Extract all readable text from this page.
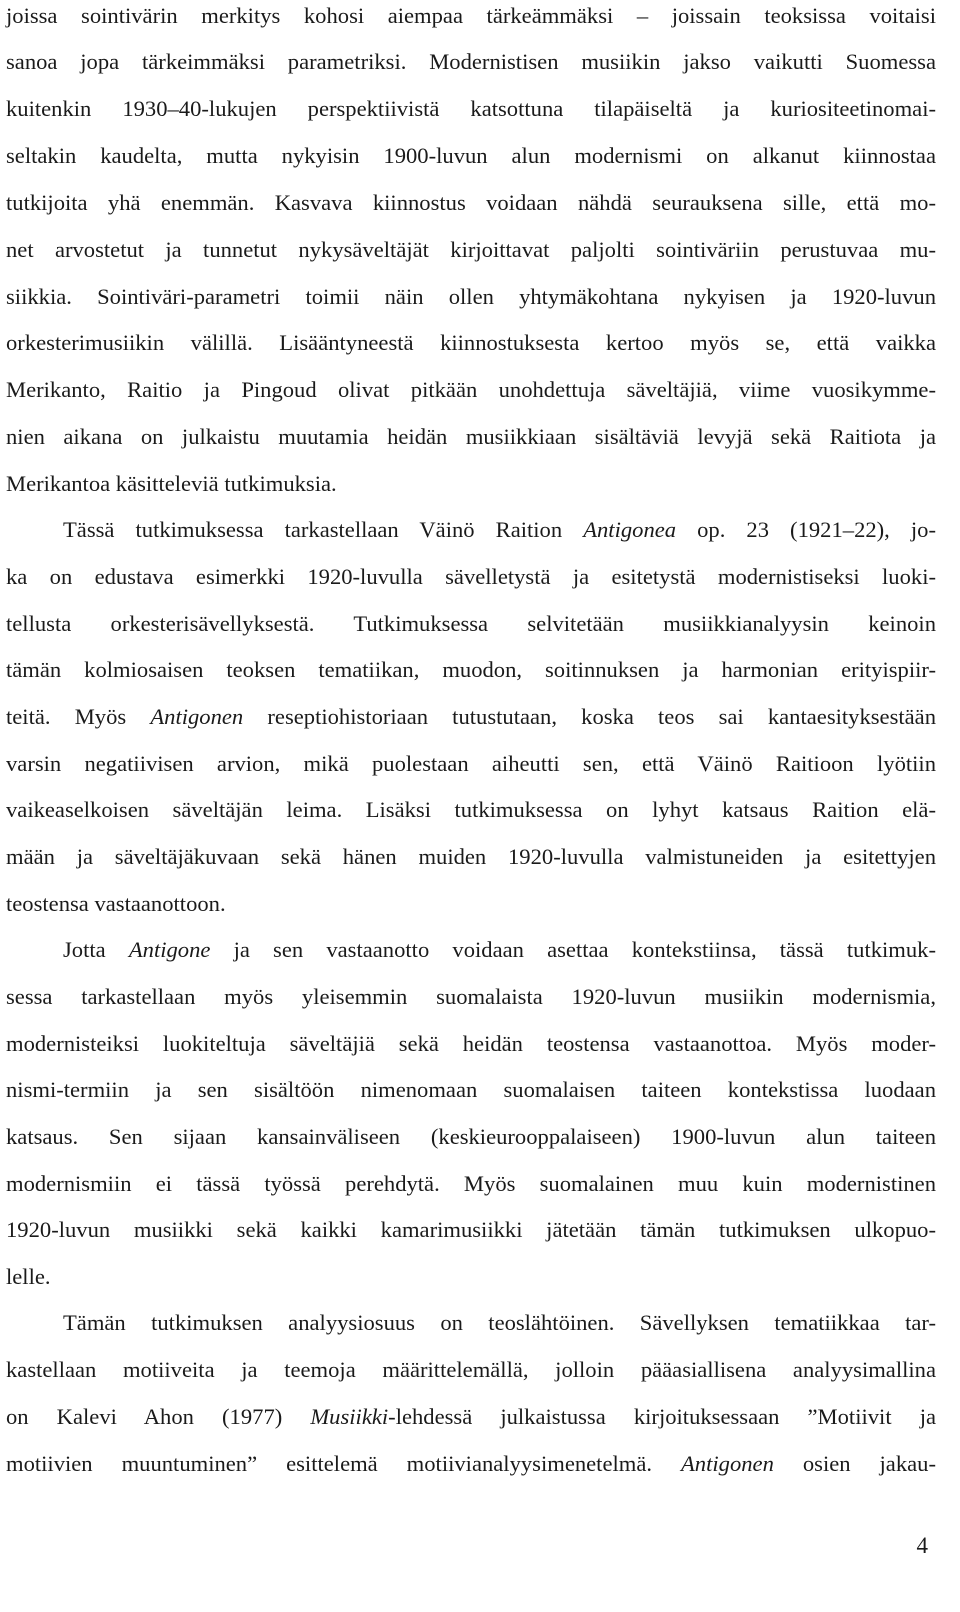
joissa sointivärin merkitys kohosi aiempaa tärkeämmäksi – joissain teoksissa voitaisi
sanoa jopa tärkeimmäksi parametriksi. Modernistisen musiikin jakso vaikutti Suomessa
kuitenkin 1930–40-lukujen perspektiivistä katsottuna tilapäiseltä ja kuriositeetinomai-
seltakin kaudelta, mutta nykyisin 1900-luvun alun modernismi on alkanut kiinnostaa
tutkijoita yhä enemmän. Kasvava kiinnostus voidaan nähdä seurauksena sille, että mo-
net arvostetut ja tunnetut nykysäveltäjät kirjoittavat paljolti sointiväriin perustuvaa mu-
siikkia. Sointiväri-parametri toimii näin ollen yhtymäkohtana nykyisen ja 1920-luvun
orkesterimusiikin välillä. Lisääntyneestä kiinnostuksesta kertoo myös se, että vaikka
Merikanto, Raitio ja Pingoud olivat pitkään unohdettuja säveltäjiä, viime vuosikymme-
nien aikana on julkaistu muutamia heidän musiikkiaan sisältäviä levyjä sekä Raitiota ja
Merikantoa käsitteleviä tutkimuksia.
Tässä tutkimuksessa tarkastellaan Väinö Raition Antigonea op. 23 (1921–22), jo-
ka on edustava esimerkki 1920-luvulla sävelletystä ja esitetystä modernistiseksi luoki-
tellusta orkesterisävellyksestä. Tutkimuksessa selvitetään musiikkianalyysin keinoin
tämän kolmiosaisen teoksen tematiikan, muodon, soitinnuksen ja harmonian erityispiir-
teitä. Myös Antigonen reseptiohistoriaan tutustutaan, koska teos sai kantaesityksestään
varsin negatiivisen arvion, mikä puolestaan aiheutti sen, että Väinö Raitioon lyötiin
vaikeaselkoisen säveltäjän leima. Lisäksi tutkimuksessa on lyhyt katsaus Raition elä-
mään ja säveltäjäkuvaan sekä hänen muiden 1920-luvulla valmistuneiden ja esitettyjen
teostensa vastaanottoon.
Jotta Antigone ja sen vastaanotto voidaan asettaa kontekstiinsa, tässä tutkimuk-
sessa tarkastellaan myös yleisemmin suomalaista 1920-luvun musiikin modernismia,
modernisteiksi luokiteltuja säveltäjiä sekä heidän teostensa vastaanottoa. Myös moder-
nismi-termiin ja sen sisältöön nimenomaan suomalaisen taiteen kontekstissa luodaan
katsaus. Sen sijaan kansainväliseen (keskieurooppalaiseen) 1900-luvun alun taiteen
modernismiin ei tässä työssä perehdytä. Myös suomalainen muu kuin modernistinen
1920-luvun musiikki sekä kaikki kamarimusiikki jätetään tämän tutkimuksen ulkopuo-
lelle.
Tämän tutkimuksen analyysiosuus on teoslähtöinen. Sävellyksen tematiikkaa tar-
kastellaan motiiveita ja teemoja määrittelemällä, jolloin pääasiallisena analyysimallina
on Kalevi Ahon (1977) Musiikki-lehdessä julkaistussa kirjoituksessaan ”Motiivit ja
motiivien muuntuminen” esittelemä motiivianalyysimenetelmä. Antigonen osien jakau-
4
